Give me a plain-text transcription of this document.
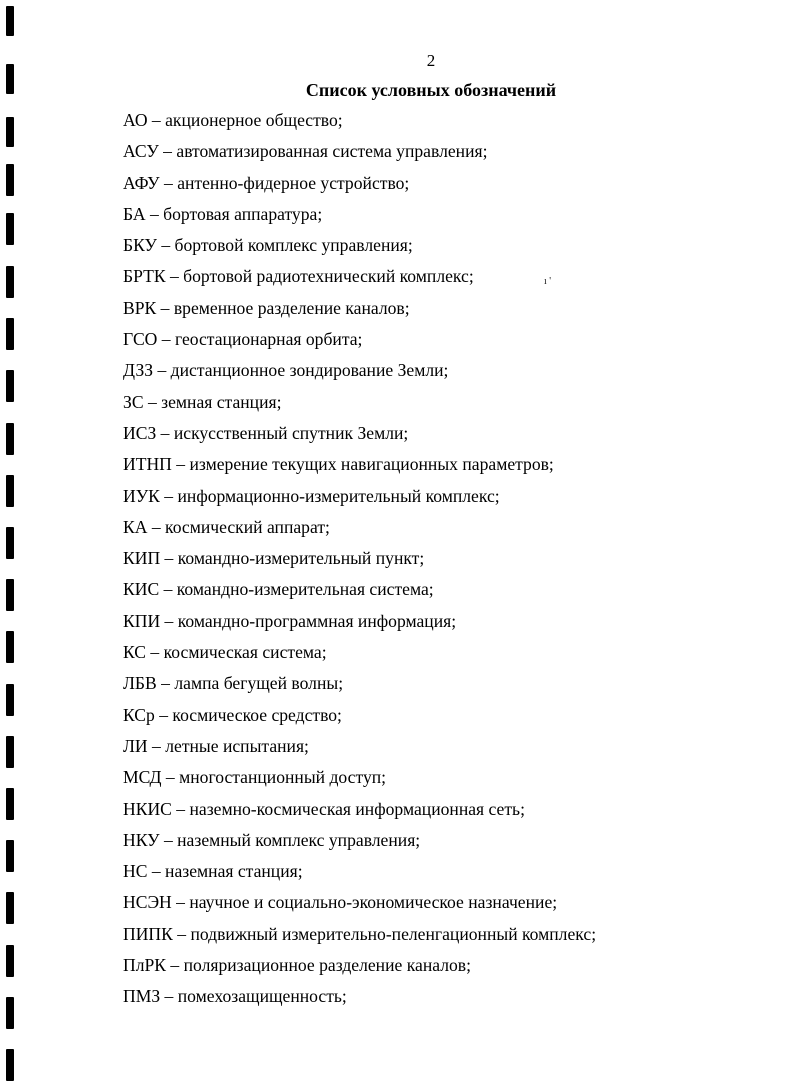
2
Список условных обозначений
ı '
АО – акционерное общество;
АСУ – автоматизированная система управления;
АФУ – антенно-фидерное устройство;
БА – бортовая аппаратура;
БКУ – бортовой комплекс управления;
БРТК – бортовой радиотехнический комплекс;
ВРК – временное разделение каналов;
ГСО – геостационарная орбита;
ДЗЗ – дистанционное зондирование Земли;
ЗС – земная станция;
ИСЗ – искусственный спутник Земли;
ИТНП – измерение текущих навигационных параметров;
ИУК – информационно-измерительный комплекс;
КА – космический аппарат;
КИП – командно-измерительный пункт;
КИС – командно-измерительная система;
КПИ – командно-программная информация;
КС – космическая система;
ЛБВ – лампа бегущей волны;
КСр – космическое средство;
ЛИ – летные испытания;
МСД – многостанционный доступ;
НКИС – наземно-космическая информационная сеть;
НКУ – наземный комплекс управления;
НС – наземная станция;
НСЭН – научное и социально-экономическое назначение;
ПИПК – подвижный измерительно-пеленгационный комплекс;
ПлРК – поляризационное разделение каналов;
ПМЗ – помехозащищенность;
